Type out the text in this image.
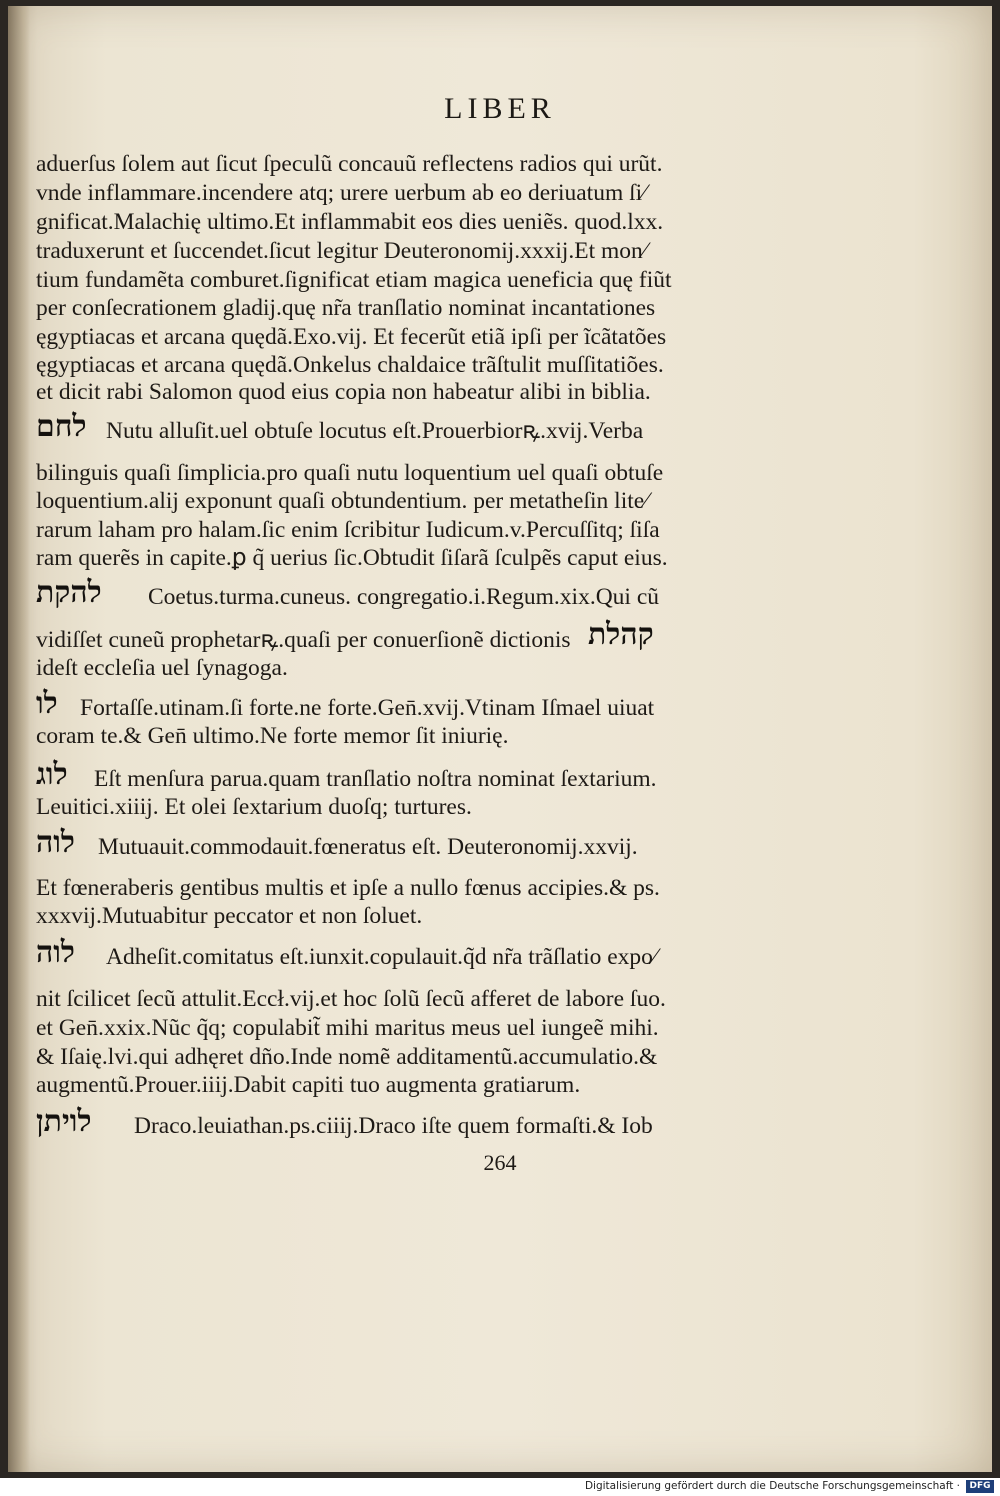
LIBER
aduerſus ſolem aut ſicut ſpeculũ concauũ reflectens radios qui urũt.
vnde inflammare.incendere atq; urere uerbum ab eo deriuatum ſi⁄
gnificat.Malachię ultimo.Et inflammabit eos dies ueniẽs. quod.lxx.
traduxerunt et ſuccendet.ſicut legitur Deuteronomĳ.xxxĳ.Et mon⁄
tium fundamẽta comburet.ſignificat etiam magica ueneficia quę fiũt
per conſecrationem gladĳ.quę nr̃a tranſlatio nominat incantationes
ęgyptiacas et arcana quędã.Exo.vĳ. Et fecerũt etiã ipſi per ĩcãtatões
ęgyptiacas et arcana quędã.Onkelus chaldaice trãſtulit muſſitatiões.
et dicit rabi Salomon quod eius copia non habeatur alibi in biblia.
לחם Nutu alluſit.uel obtuſe locutus eſt.Prouerbiorꝶ.xvĳ.Verba
bilinguis quaſi ſimplicia.pro quaſi nutu loquentium uel quaſi obtuſe
loquentium.alĳ exponunt quaſi obtundentium. per metatheſin lite⁄
rarum laham pro halam.ſic enim ſcribitur Iudicum.v.Percuſſitq; ſiſa
ram querẽs in capite.ꝑ q̃ uerius ſic.Obtudit ſiſarã ſculpẽs caput eius.
להקת Coetus.turma.cuneus. congregatio.i.Regum.xix.Qui cũ
vidiſſet cuneũ prophetarꝶ.quaſi per conuerſionẽ dictionis קהלת
ideſt eccleſia uel ſynagoga.
לו Fortaſſe.utinam.ſi forte.ne forte.Gen̄.xvĳ.Vtinam Iſmael uiuat
coram te.& Gen̄ ultimo.Ne forte memor ſit iniurię.
לוג Eſt menſura parua.quam tranſlatio noſtra nominat ſextarium.
Leuitici.xiiĳ. Et olei ſextarium duoſq; turtures.
לוה Mutuauit.commodauit.fœneratus eſt. Deuteronomĳ.xxvĳ.
Et fœneraberis gentibus multis et ipſe a nullo fœnus accipies.& ps.
xxxvĳ.Mutuabitur peccator et non ſoluet.
לוה Adheſit.comitatus eſt.iunxit.copulauit.q̃d nr̃a trãſlatio expo⁄
nit ſcilicet ſecũ attulit.Eccł.vĳ.et hoc ſolũ ſecũ afferet de labore ſuo.
et Gen̄.xxix.Nũc q̃q; copulabit̃ mihi maritus meus uel iungeẽ mihi.
& Iſaię.lvi.qui adhęret dño.Inde nomẽ additamentũ.accumulatio.&
augmentũ.Prouer.iiĳ.Dabit capiti tuo augmenta gratiarum.
לויתן Draco.leuiathan.ps.ciiĳ.Draco iſte quem formaſti.& Iob
264
Digitalisierung gefördert durch die Deutsche Forschungsgemeinschaft ·	DFG
